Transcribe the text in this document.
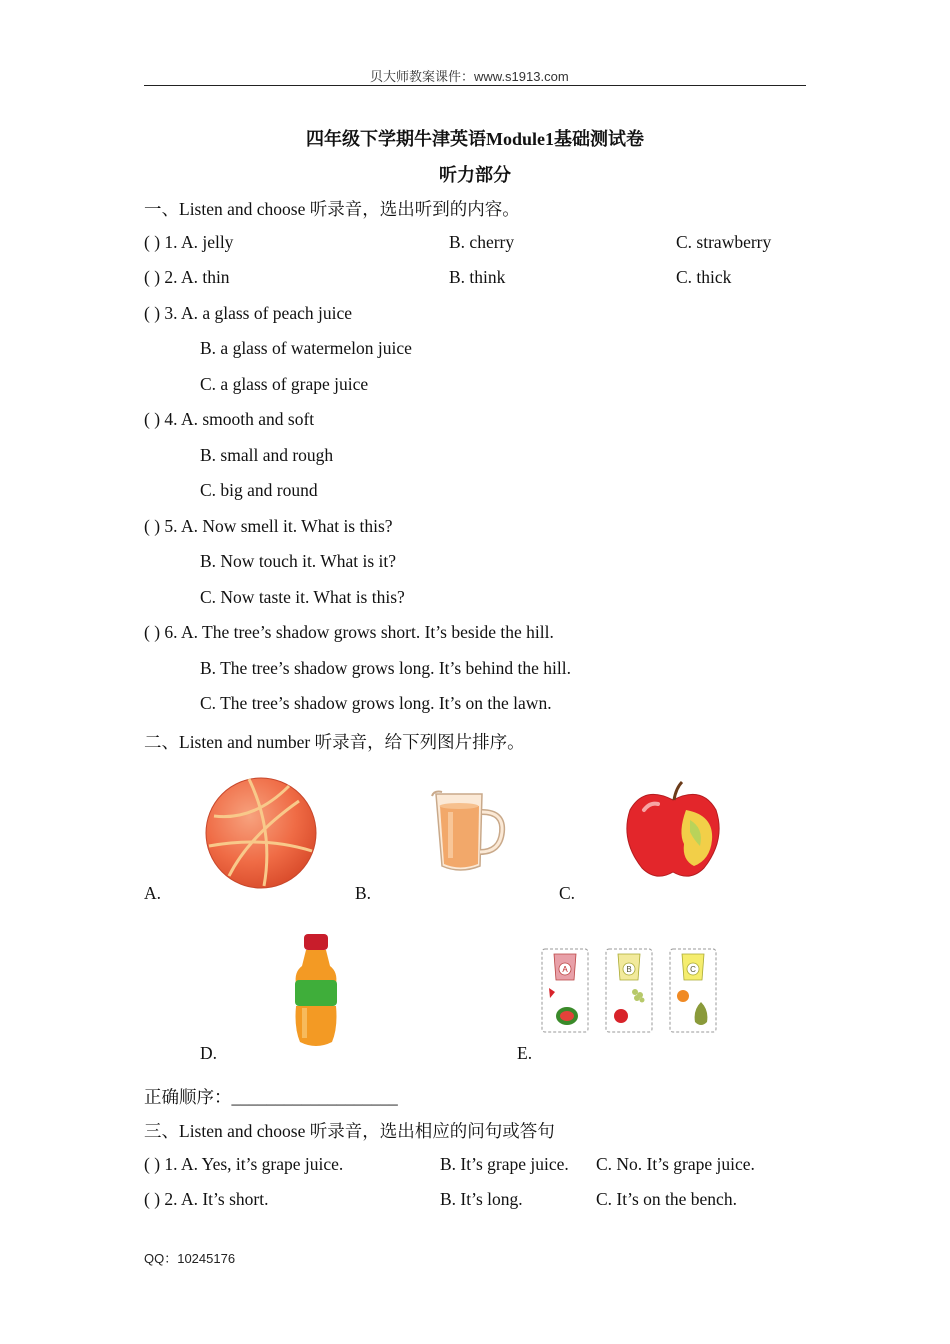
贝大师教案课件：www.s1913.com
四年级下学期牛津英语Module1基础测试卷
听力部分
一、Listen and choose 听录音，选出听到的内容。
( ) 1. A. jelly	B. cherry	C. strawberry
( ) 2. A. thin	B. think	C. thick
( ) 3. A. a glass of peach juice
B. a glass of watermelon juice
C. a glass of grape juice
( ) 4. A. smooth and soft
B. small and rough
C. big and round
( ) 5. A. Now smell it. What is this?
B. Now touch it. What is it?
C. Now taste it. What is this?
( ) 6. A. The tree’s shadow grows short. It’s beside the hill.
B. The tree’s shadow grows long. It’s behind the hill.
C. The tree’s shadow grows long. It’s on the lawn.
二、Listen and number 听录音，给下列图片排序。
A.	B.	C.
D.
A	B	C
E.
正确顺序：___________________
三、Listen and choose 听录音，选出相应的问句或答句
( ) 1. A. Yes, it’s grape juice.	B. It’s grape juice. C. No. It’s grape juice.
( ) 2. A. It’s short.	B. It’s long.	C. It’s on the bench.
QQ：10245176
